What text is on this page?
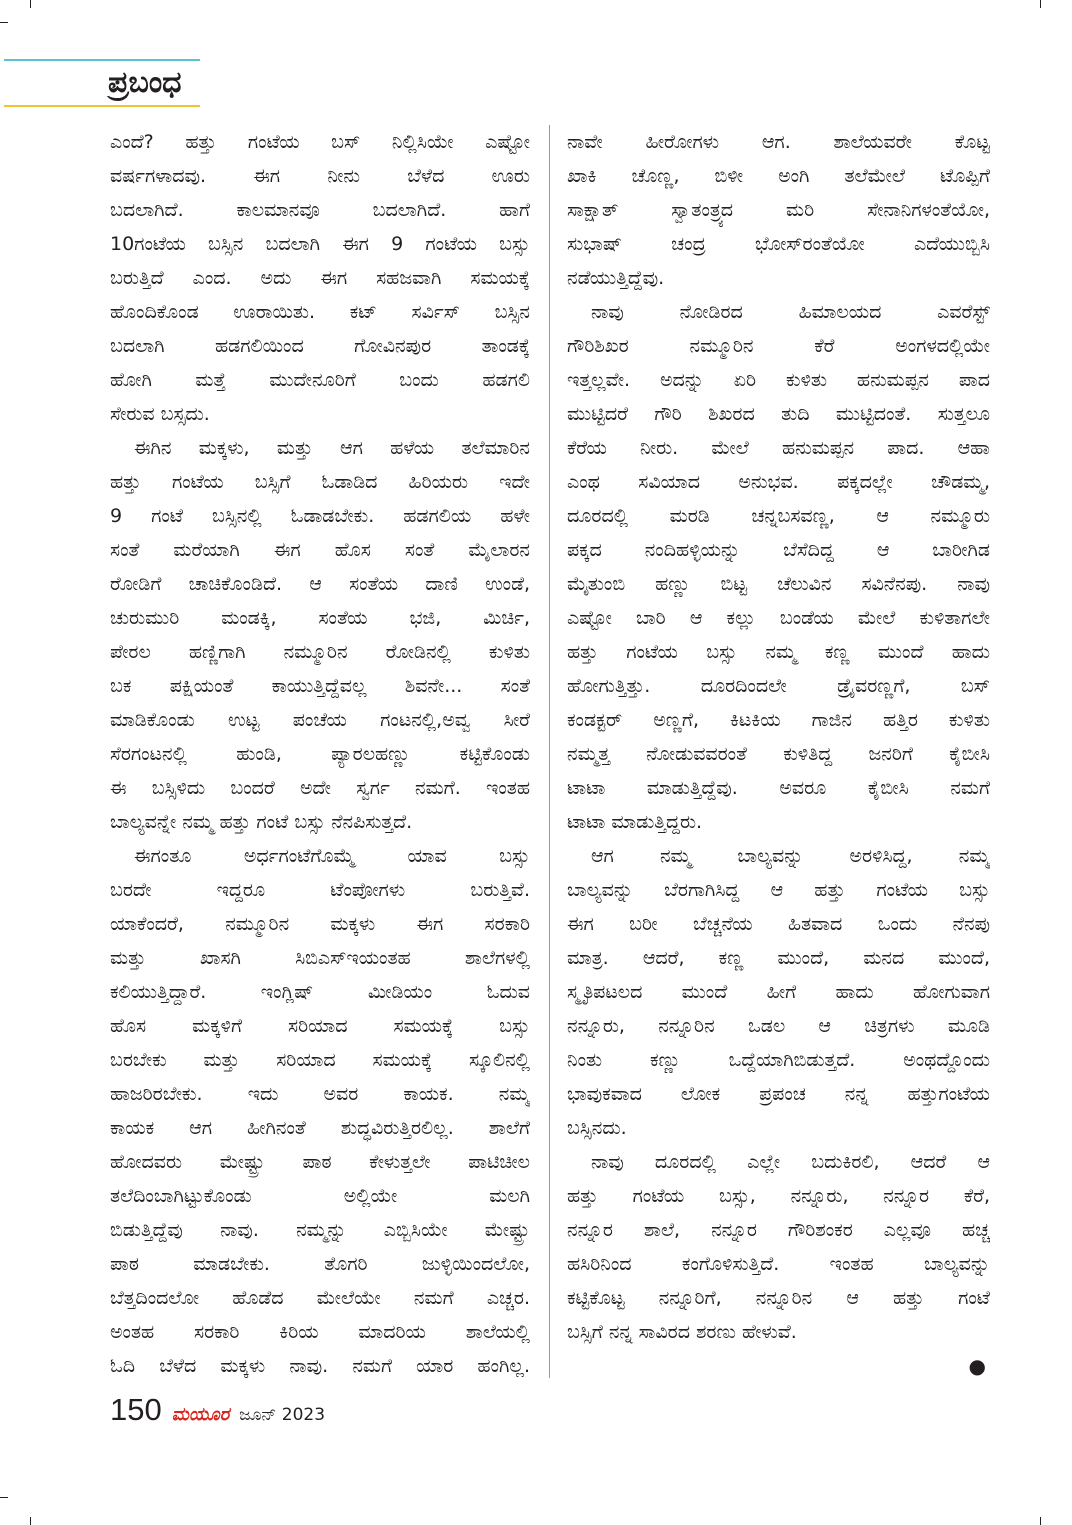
ಪ್ರಬಂಧ
ಎಂದೆ? ಹತ್ತು ಗಂಟೆಯ ಬಸ್ ನಿಲ್ಲಿಸಿಯೇ ಎಷ್ಟೋ
ವರ್ಷಗಳಾದವು. ಈಗ ನೀನು ಬೆಳೆದ ಊರು
ಬದಲಾಗಿದೆ. ಕಾಲಮಾನವೂ ಬದಲಾಗಿದೆ. ಹಾಗೆ
10ಗಂಟೆಯ ಬಸ್ಸಿನ ಬದಲಾಗಿ ಈಗ 9 ಗಂಟೆಯ ಬಸ್ಸು
ಬರುತ್ತಿದೆ ಎಂದ. ಅದು ಈಗ ಸಹಜವಾಗಿ ಸಮಯಕ್ಕೆ
ಹೊಂದಿಕೊಂಡ ಊರಾಯಿತು. ಕಟ್ ಸರ್ವಿಸ್ ಬಸ್ಸಿನ
ಬದಲಾಗಿ ಹಡಗಲಿಯಿಂದ ಗೋವಿನಪುರ ತಾಂಡಕ್ಕೆ
ಹೋಗಿ ಮತ್ತೆ ಮುದೇನೂರಿಗೆ ಬಂದು ಹಡಗಲಿ
ಸೇರುವ ಬಸ್ಸದು.
ಈಗಿನ ಮಕ್ಕಳು, ಮತ್ತು ಆಗ ಹಳೆಯ ತಲೆಮಾರಿನ
ಹತ್ತು ಗಂಟೆಯ ಬಸ್ಸಿಗೆ ಓಡಾಡಿದ ಹಿರಿಯರು ಇದೇ
9 ಗಂಟೆ ಬಸ್ಸಿನಲ್ಲಿ ಓಡಾಡಬೇಕು. ಹಡಗಲಿಯ ಹಳೇ
ಸಂತೆ ಮರೆಯಾಗಿ ಈಗ ಹೊಸ ಸಂತೆ ಮೈಲಾರನ
ರೋಡಿಗೆ ಚಾಚಿಕೊಂಡಿದೆ. ಆ ಸಂತೆಯ ದಾಣಿ ಉಂಡೆ,
ಚುರುಮುರಿ ಮಂಡಕ್ಕಿ, ಸಂತೆಯ ಭಜಿ, ಮಿರ್ಚಿ,
ಪೇರಲ ಹಣ್ಣಿಗಾಗಿ ನಮ್ಮೂರಿನ ರೋಡಿನಲ್ಲಿ ಕುಳಿತು
ಬಕ ಪಕ್ಷಿಯಂತೆ ಕಾಯುತ್ತಿದ್ದೆವಲ್ಲ ಶಿವನೇ... ಸಂತೆ
ಮಾಡಿಕೊಂಡು ಉಟ್ಟ ಪಂಚೆಯ ಗಂಟನಲ್ಲಿ,ಅವ್ವ ಸೀರೆ
ಸೆರಗಂಟನಲ್ಲಿ ಹುಂಡಿ, ಪ್ಯಾರಲಹಣ್ಣು ಕಟ್ಟಿಕೊಂಡು
ಈ ಬಸ್ಸಿಳಿದು ಬಂದರೆ ಅದೇ ಸ್ವರ್ಗ ನಮಗೆ. ಇಂತಹ
ಬಾಲ್ಯವನ್ನೇ ನಮ್ಮ ಹತ್ತು ಗಂಟೆ ಬಸ್ಸು ನೆನಪಿಸುತ್ತದೆ.
ಈಗಂತೂ ಅರ್ಧಗಂಟೆಗೊಮ್ಮೆ ಯಾವ ಬಸ್ಸು
ಬರದೇ ಇದ್ದರೂ ಟೆಂಪೋಗಳು ಬರುತ್ತಿವೆ.
ಯಾಕೆಂದರೆ, ನಮ್ಮೂರಿನ ಮಕ್ಕಳು ಈಗ ಸರಕಾರಿ
ಮತ್ತು ಖಾಸಗಿ ಸಿಬಿಎಸ್‌ಇಯಂತಹ ಶಾಲೆಗಳಲ್ಲಿ
ಕಲಿಯುತ್ತಿದ್ದಾರೆ. ಇಂಗ್ಲಿಷ್ ಮೀಡಿಯಂ ಓದುವ
ಹೊಸ ಮಕ್ಕಳಿಗೆ ಸರಿಯಾದ ಸಮಯಕ್ಕೆ ಬಸ್ಸು
ಬರಬೇಕು ಮತ್ತು ಸರಿಯಾದ ಸಮಯಕ್ಕೆ ಸ್ಕೂಲಿನಲ್ಲಿ
ಹಾಜರಿರಬೇಕು. ಇದು ಅವರ ಕಾಯಕ. ನಮ್ಮ
ಕಾಯಕ ಆಗ ಹೀಗಿನಂತೆ ಶುದ್ಧವಿರುತ್ತಿರಲಿಲ್ಲ. ಶಾಲೆಗೆ
ಹೋದವರು ಮೇಷ್ಟ್ರು ಪಾಠ ಕೇಳುತ್ತಲೇ ಪಾಟಿಚೀಲ
ತಲೆದಿಂಬಾಗಿಟ್ಟುಕೊಂಡು ಅಲ್ಲಿಯೇ ಮಲಗಿ
ಬಿಡುತ್ತಿದ್ದೆವು ನಾವು. ನಮ್ಮನ್ನು ಎಬ್ಬಿಸಿಯೇ ಮೇಷ್ಟ್ರು
ಪಾಠ ಮಾಡಬೇಕು. ತೊಗರಿ ಜುಳ್ಳಿಯಿಂದಲೋ,
ಬೆತ್ತದಿಂದಲೋ ಹೊಡೆದ ಮೇಲೆಯೇ ನಮಗೆ ಎಚ್ಚರ.
ಅಂತಹ ಸರಕಾರಿ ಕಿರಿಯ ಮಾದರಿಯ ಶಾಲೆಯಲ್ಲಿ
ಓದಿ ಬೆಳೆದ ಮಕ್ಕಳು ನಾವು. ನಮಗೆ ಯಾರ ಹಂಗಿಲ್ಲ.
ನಾವೇ ಹೀರೋಗಳು ಆಗ. ಶಾಲೆಯವರೇ ಕೊಟ್ಟ
ಖಾಕಿ ಚೊಣ್ಣ, ಬಿಳೀ ಅಂಗಿ ತಲೆಮೇಲೆ ಟೊಪ್ಪಿಗೆ
ಸಾಕ್ಷಾತ್ ಸ್ವಾತಂತ್ರ್ಯದ ಮರಿ ಸೇನಾನಿಗಳಂತೆಯೋ,
ಸುಭಾಷ್ ಚಂದ್ರ ಭೋಸ್‌ರಂತೆಯೋ ಎದೆಯುಬ್ಬಿಸಿ
ನಡೆಯುತ್ತಿದ್ದೆವು.
ನಾವು ನೋಡಿರದ ಹಿಮಾಲಯದ ಎವರೆಸ್ಟ್
ಗೌರಿಶಿಖರ ನಮ್ಮೂರಿನ ಕೆರೆ ಅಂಗಳದಲ್ಲಿಯೇ
ಇತ್ತಲ್ಲವೇ. ಅದನ್ನು ಏರಿ ಕುಳಿತು ಹನುಮಪ್ಪನ ಪಾದ
ಮುಟ್ಟಿದರೆ ಗೌರಿ ಶಿಖರದ ತುದಿ ಮುಟ್ಟಿದಂತೆ. ಸುತ್ತಲೂ
ಕೆರೆಯ ನೀರು. ಮೇಲೆ ಹನುಮಪ್ಪನ ಪಾದ. ಆಹಾ
ಎಂಥ ಸವಿಯಾದ ಅನುಭವ. ಪಕ್ಕದಲ್ಲೇ ಚೌಡಮ್ಮ,
ದೂರದಲ್ಲಿ ಮರಡಿ ಚನ್ನಬಸವಣ್ಣ, ಆ ನಮ್ಮೂರು
ಪಕ್ಕದ ನಂದಿಹಳ್ಳಿಯನ್ನು ಬೆಸೆದಿದ್ದ ಆ ಬಾರೀಗಿಡ
ಮೈತುಂಬಿ ಹಣ್ಣು ಬಿಟ್ಟ ಚೆಲುವಿನ ಸವಿನೆನಪು. ನಾವು
ಎಷ್ಟೋ ಬಾರಿ ಆ ಕಲ್ಲು ಬಂಡೆಯ ಮೇಲೆ ಕುಳಿತಾಗಲೇ
ಹತ್ತು ಗಂಟೆಯ ಬಸ್ಸು ನಮ್ಮ ಕಣ್ಣ ಮುಂದೆ ಹಾದು
ಹೋಗುತ್ತಿತ್ತು. ದೂರದಿಂದಲೇ ಡ್ರೈವರಣ್ಣಗೆ, ಬಸ್
ಕಂಡಕ್ಟರ್ ಅಣ್ಣಗೆ, ಕಿಟಕಿಯ ಗಾಜಿನ ಹತ್ತಿರ ಕುಳಿತು
ನಮ್ಮತ್ತ ನೋಡುವವರಂತೆ ಕುಳಿತಿದ್ದ ಜನರಿಗೆ ಕೈಬೀಸಿ
ಟಾಟಾ ಮಾಡುತ್ತಿದ್ದೆವು. ಅವರೂ ಕೈಬೀಸಿ ನಮಗೆ
ಟಾಟಾ ಮಾಡುತ್ತಿದ್ದರು.
ಆಗ ನಮ್ಮ ಬಾಲ್ಯವನ್ನು ಅರಳಿಸಿದ್ದ, ನಮ್ಮ
ಬಾಲ್ಯವನ್ನು ಬೆರಗಾಗಿಸಿದ್ದ ಆ ಹತ್ತು ಗಂಟೆಯ ಬಸ್ಸು
ಈಗ ಬರೀ ಬೆಚ್ಚನೆಯ ಹಿತವಾದ ಒಂದು ನೆನಪು
ಮಾತ್ರ. ಆದರೆ, ಕಣ್ಣ ಮುಂದೆ, ಮನದ ಮುಂದೆ,
ಸ್ಮೃತಿಪಟಲದ ಮುಂದೆ ಹೀಗೆ ಹಾದು ಹೋಗುವಾಗ
ನನ್ನೂರು, ನನ್ನೂರಿನ ಒಡಲ ಆ ಚಿತ್ರಗಳು ಮೂಡಿ
ನಿಂತು ಕಣ್ಣು ಒದ್ದೆಯಾಗಿಬಿಡುತ್ತದೆ. ಅಂಥದ್ದೊಂದು
ಭಾವುಕವಾದ ಲೋಕ ಪ್ರಪಂಚ ನನ್ನ ಹತ್ತುಗಂಟೆಯ
ಬಸ್ಸಿನದು.
ನಾವು ದೂರದಲ್ಲಿ ಎಲ್ಲೇ ಬದುಕಿರಲಿ, ಆದರೆ ಆ
ಹತ್ತು ಗಂಟೆಯ ಬಸ್ಸು, ನನ್ನೂರು, ನನ್ನೂರ ಕೆರೆ,
ನನ್ನೂರ ಶಾಲೆ, ನನ್ನೂರ ಗೌರಿಶಂಕರ ಎಲ್ಲವೂ ಹಚ್ಚ
ಹಸಿರಿನಿಂದ ಕಂಗೊಳಿಸುತ್ತಿದೆ. ಇಂತಹ ಬಾಲ್ಯವನ್ನು
ಕಟ್ಟಿಕೊಟ್ಟ ನನ್ನೂರಿಗೆ, ನನ್ನೂರಿನ ಆ ಹತ್ತು ಗಂಟೆ
ಬಸ್ಸಿಗೆ ನನ್ನ ಸಾವಿರದ ಶರಣು ಹೇಳುವೆ.
●
150 ಮಯೂರ ಜೂನ್ 2023
